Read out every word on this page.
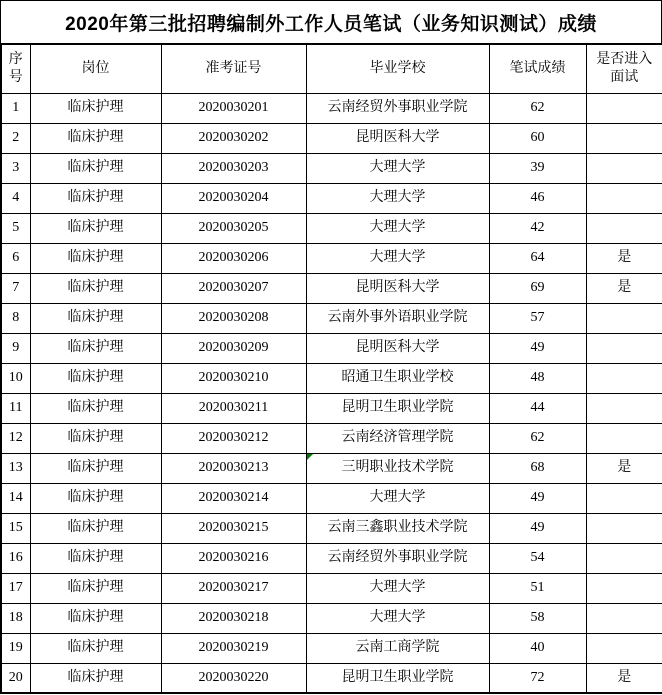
2020年第三批招聘编制外工作人员笔试（业务知识测试）成绩
序号	岗位	准考证号	毕业学校	笔试成绩	是否进入面试
1	临床护理	2020030201	云南经贸外事职业学院	62	
2	临床护理	2020030202	昆明医科大学	60	
3	临床护理	2020030203	大理大学	39	
4	临床护理	2020030204	大理大学	46	
5	临床护理	2020030205	大理大学	42	
6	临床护理	2020030206	大理大学	64	是
7	临床护理	2020030207	昆明医科大学	69	是
8	临床护理	2020030208	云南外事外语职业学院	57	
9	临床护理	2020030209	昆明医科大学	49	
10	临床护理	2020030210	昭通卫生职业学校	48	
11	临床护理	2020030211	昆明卫生职业学院	44	
12	临床护理	2020030212	云南经济管理学院	62	
13	临床护理	2020030213	三明职业技术学院	68	是
14	临床护理	2020030214	大理大学	49	
15	临床护理	2020030215	云南三鑫职业技术学院	49	
16	临床护理	2020030216	云南经贸外事职业学院	54	
17	临床护理	2020030217	大理大学	51	
18	临床护理	2020030218	大理大学	58	
19	临床护理	2020030219	云南工商学院	40	
20	临床护理	2020030220	昆明卫生职业学院	72	是
